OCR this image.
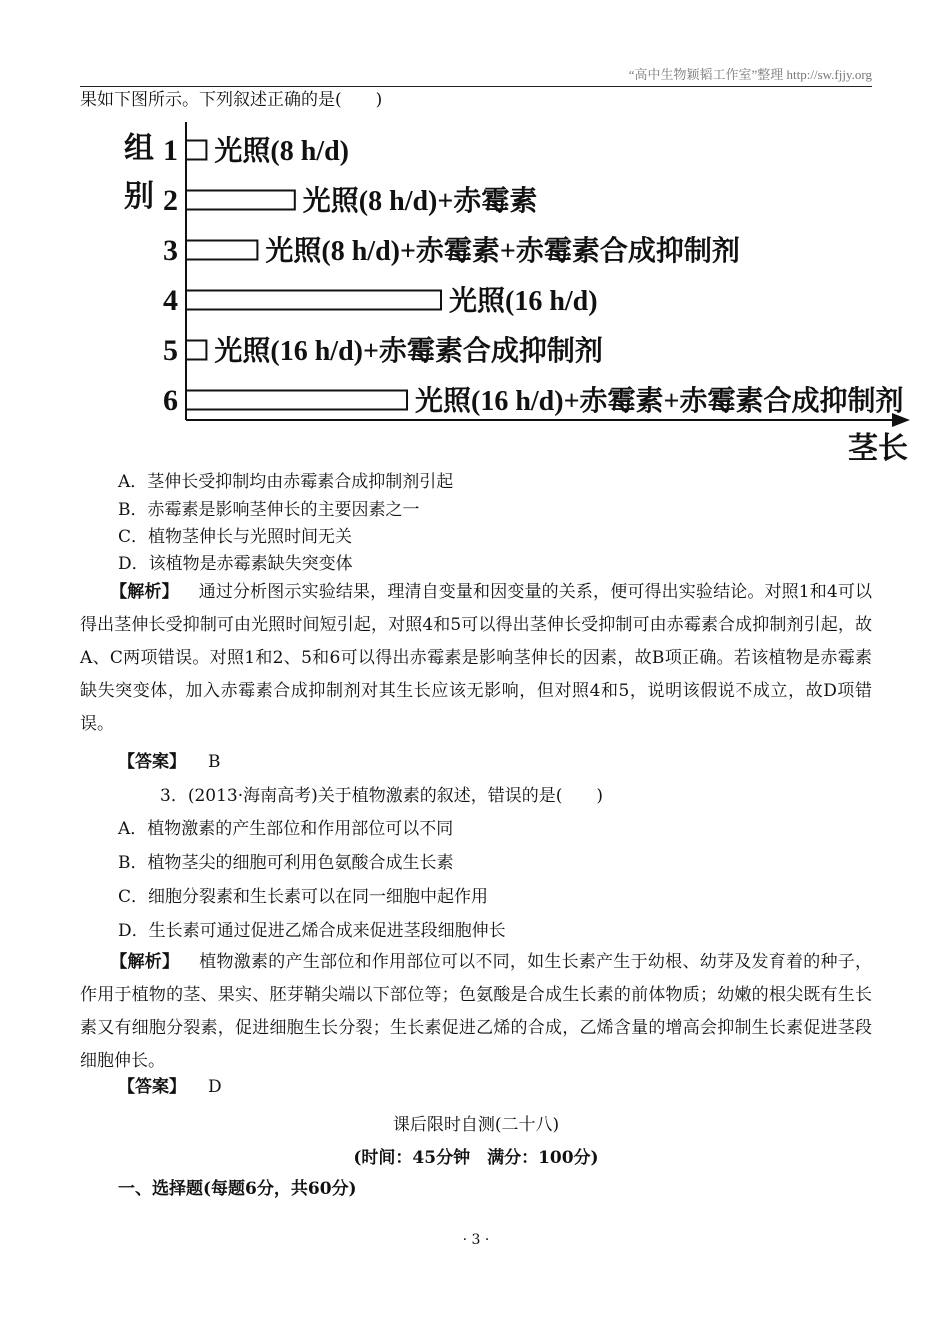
“高中生物颖韬工作室”整理 http://sw.fjjy.org
果如下图所示。下列叙述正确的是(　　)
组
别
茎长
1 光照(8 h/d)
2	光照(8 h/d)+赤霉素
3	光照(8 h/d)+赤霉素+赤霉素合成抑制剂
4	光照(16 h/d)
5 光照(16 h/d)+赤霉素合成抑制剂
6	光照(16 h/d)+赤霉素+赤霉素合成抑制剂
A．茎伸长受抑制均由赤霉素合成抑制剂引起
B．赤霉素是影响茎伸长的主要因素之一
C．植物茎伸长与光照时间无关
D．该植物是赤霉素缺失突变体
【解析】 通过分析图示实验结果，理清自变量和因变量的关系，便可得出实验结论。对照1和4可以得出茎伸长受抑制可由光照时间短引起，对照4和5可以得出茎伸长受抑制可由赤霉素合成抑制剂引起，故A、C两项错误。对照1和2、5和6可以得出赤霉素是影响茎伸长的因素，故B项正确。若该植物是赤霉素缺失突变体，加入赤霉素合成抑制剂对其生长应该无影响，但对照4和5，说明该假说不成立，故D项错误。
【答案】 B
3．(2013·海南高考)关于植物激素的叙述，错误的是(　　)
A．植物激素的产生部位和作用部位可以不同
B．植物茎尖的细胞可利用色氨酸合成生长素
C．细胞分裂素和生长素可以在同一细胞中起作用
D．生长素可通过促进乙烯合成来促进茎段细胞伸长
【解析】 植物激素的产生部位和作用部位可以不同，如生长素产生于幼根、幼芽及发育着的种子，作用于植物的茎、果实、胚芽鞘尖端以下部位等；色氨酸是合成生长素的前体物质；幼嫩的根尖既有生长素又有细胞分裂素，促进细胞生长分裂；生长素促进乙烯的合成，乙烯含量的增高会抑制生长素促进茎段细胞伸长。
【答案】 D
课后限时自测(二十八)
(时间：45分钟　满分：100分)
一、选择题(每题6分，共60分)
· 3 ·
